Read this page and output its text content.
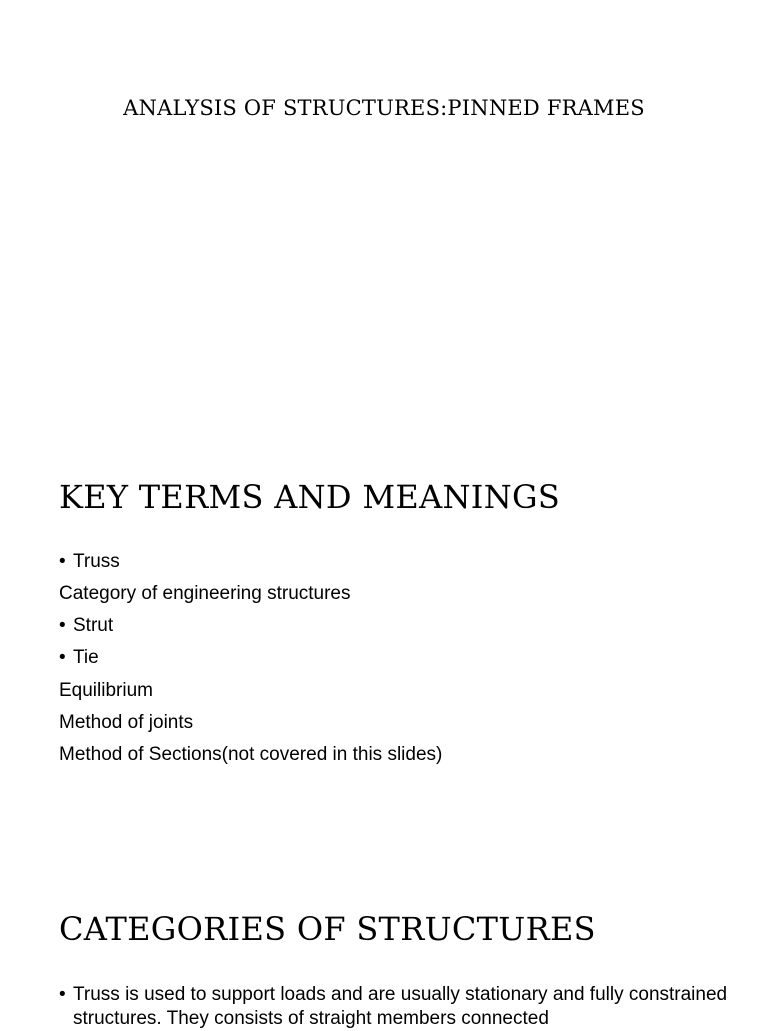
ANALYSIS OF STRUCTURES:PINNED FRAMES
KEY TERMS AND MEANINGS

• Truss

Category of engineering structures

• Strut

• Tie

Equilibrium

Method of joints

Method of Sections(not covered in this slides)

CATEGORIES OF STRUCTURES

• Truss is used to support loads and are usually stationary and fully constrained structures. They consists of straight members connected
